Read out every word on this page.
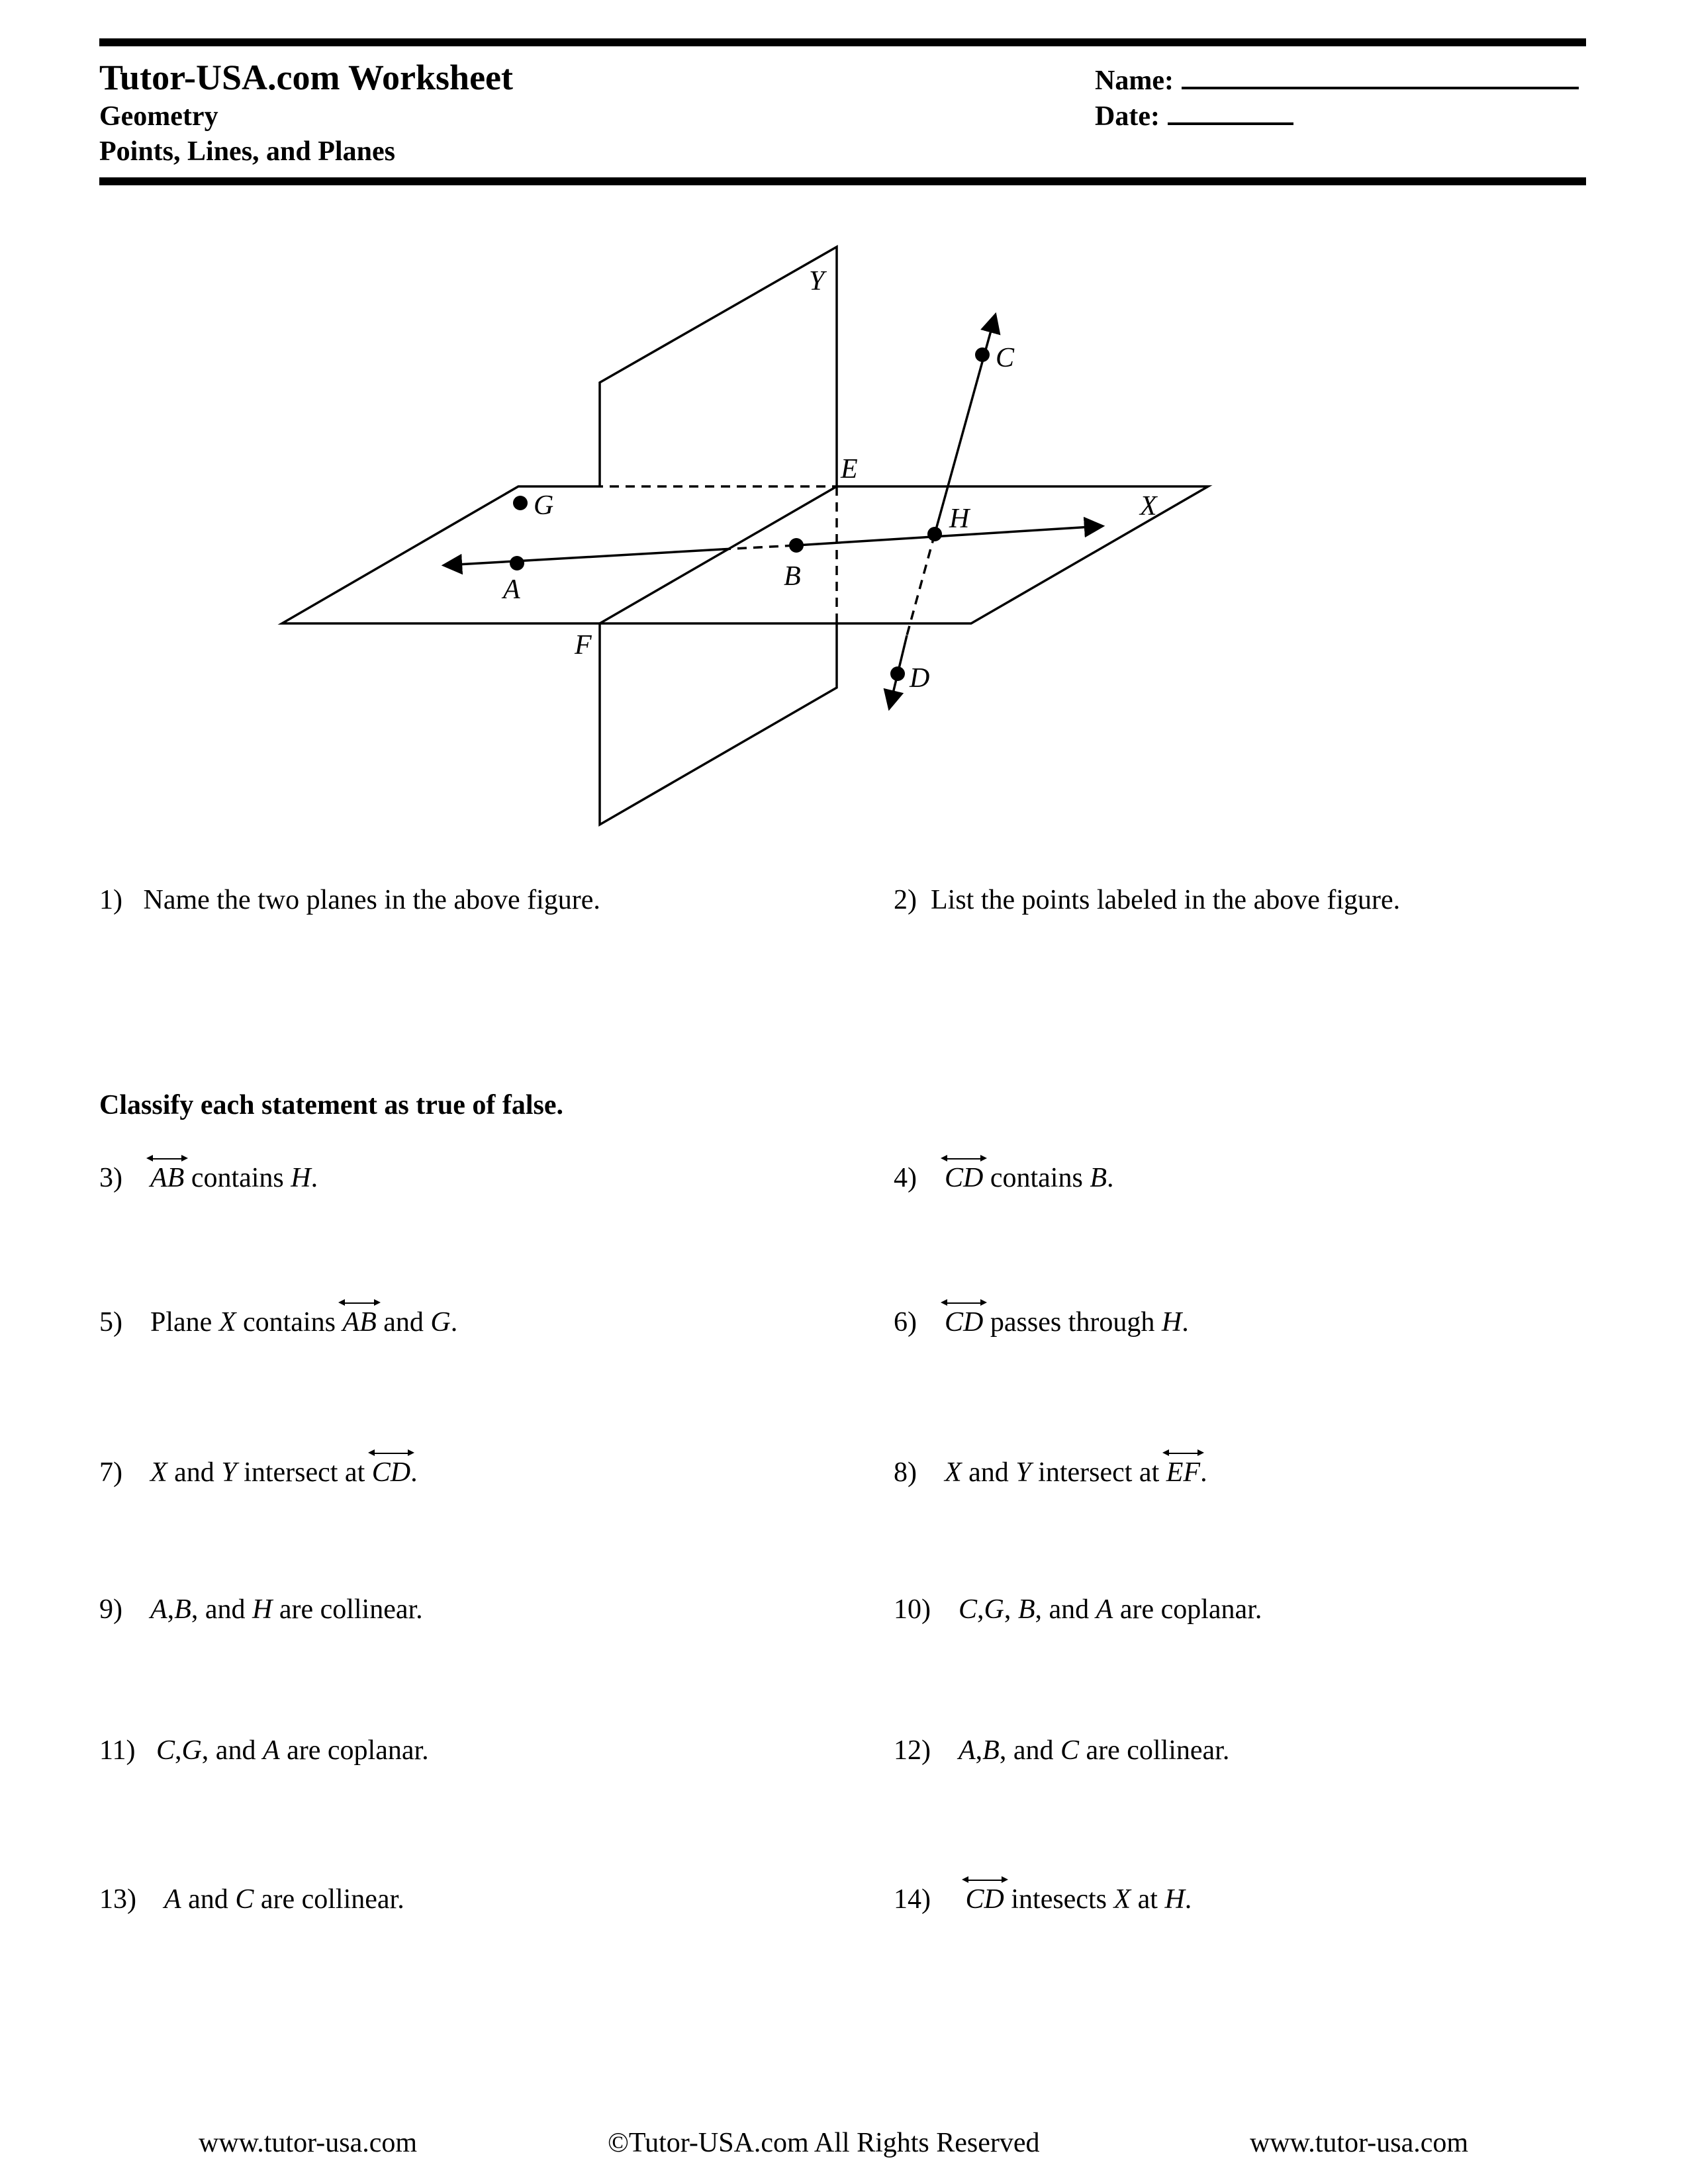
Tutor-USA.com Worksheet
Geometry
Points, Lines, and Planes
Name:
Date:
Y
C
E
X
G	H
A	B
F
D
1) Name the two planes in the above figure.	2) List the points labeled in the above figure.
Classify each statement as true of false.
3) AB contains H.	4) CD contains B.
5) Plane X contains
AB and G.	6) CD passes through H.
7) X and Y intersect at
CD.	8) X and Y intersect at
EF.
9) A,B, and H are collinear.	10) C,G, B, and A are coplanar.
11) C,G, and A are coplanar.	12) A,B, and C are collinear.
13) A and C are collinear.	14) CD intesects X at H.
www.tutor-usa.com	©Tutor-USA.com All Rights Reserved	www.tutor-usa.com
